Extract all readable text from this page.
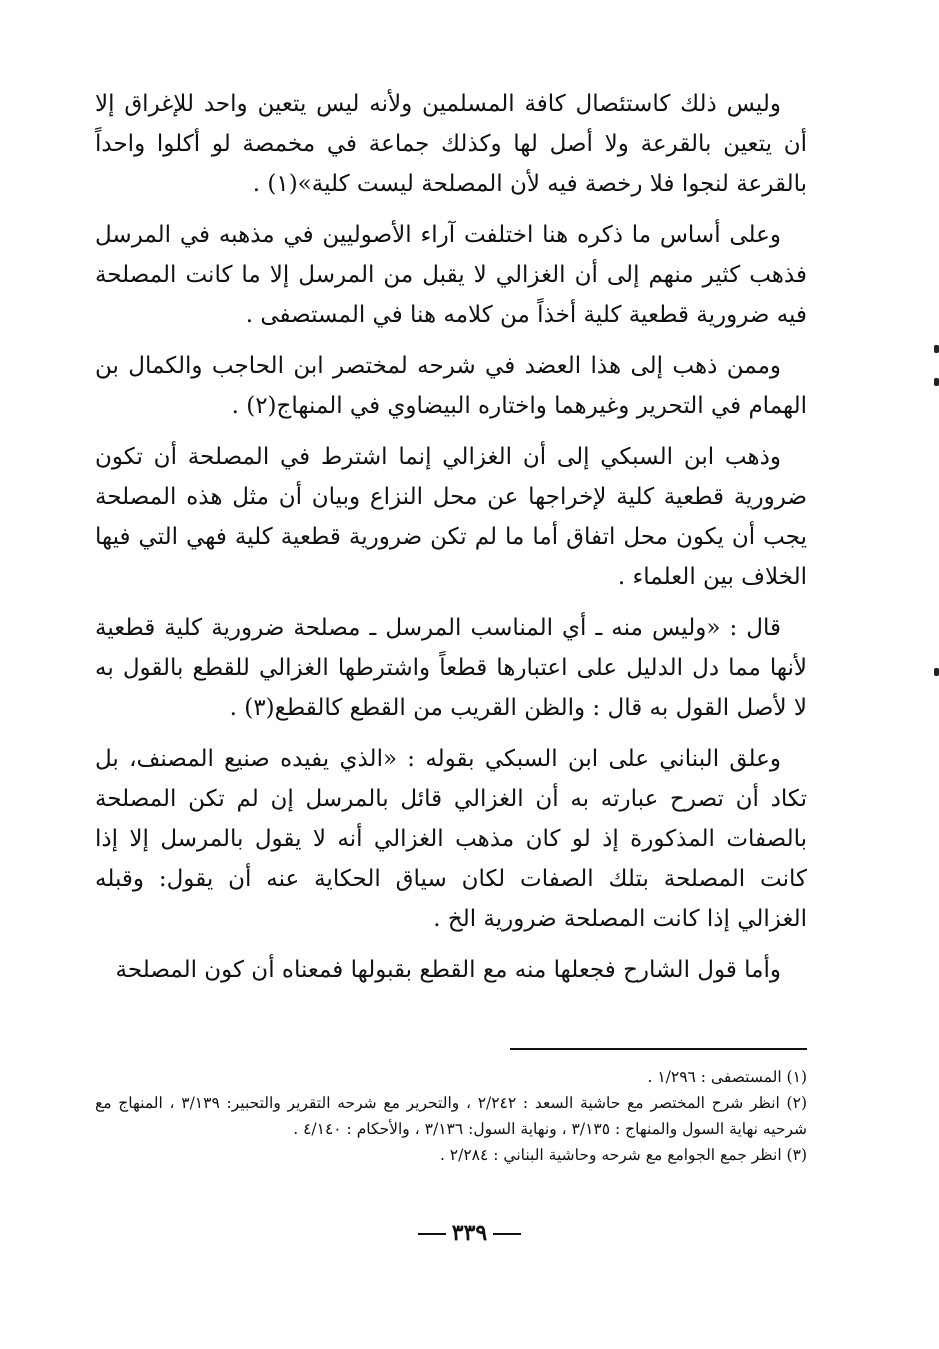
وليس ذلك كاستئصال كافة المسلمين ولأنه ليس يتعين واحد للإغراق إلا أن يتعين بالقرعة ولا أصل لها وكذلك جماعة في مخمصة لو أكلوا واحداً بالقرعة لنجوا فلا رخصة فيه لأن المصلحة ليست كلية»(١) .

وعلى أساس ما ذكره هنا اختلفت آراء الأصوليين في مذهبه في المرسل فذهب كثير منهم إلى أن الغزالي لا يقبل من المرسل إلا ما كانت المصلحة فيه ضرورية قطعية كلية أخذاً من كلامه هنا في المستصفى .

وممن ذهب إلى هذا العضد في شرحه لمختصر ابن الحاجب والكمال بن الهمام في التحرير وغيرهما واختاره البيضاوي في المنهاج(٢) .

وذهب ابن السبكي إلى أن الغزالي إنما اشترط في المصلحة أن تكون ضرورية قطعية كلية لإخراجها عن محل النزاع وبيان أن مثل هذه المصلحة يجب أن يكون محل اتفاق أما ما لم تكن ضرورية قطعية كلية فهي التي فيها الخلاف بين العلماء .

قال : «وليس منه ـ أي المناسب المرسل ـ مصلحة ضرورية كلية قطعية لأنها مما دل الدليل على اعتبارها قطعاً واشترطها الغزالي للقطع بالقول به لا لأصل القول به قال : والظن القريب من القطع كالقطع(٣) .

وعلق البناني على ابن السبكي بقوله : «الذي يفيده صنيع المصنف، بل تكاد أن تصرح عبارته به أن الغزالي قائل بالمرسل إن لم تكن المصلحة بالصفات المذكورة إذ لو كان مذهب الغزالي أنه لا يقول بالمرسل إلا إذا كانت المصلحة بتلك الصفات لكان سياق الحكاية عنه أن يقول: وقبله الغزالي إذا كانت المصلحة ضرورية الخ .

وأما قول الشارح فجعلها منه مع القطع بقبولها فمعناه أن كون المصلحة

(١) المستصفى : ١/٢٩٦ .

(٢) انظر شرح المختصر مع حاشية السعد : ٢/٢٤٢ ، والتحرير مع شرحه التقرير والتحبير: ٣/١٣٩ ، المنهاج مع شرحيه نهاية السول والمنهاج : ٣/١٣٥ ، ونهاية السول: ٣/١٣٦ ، والأحكام : ٤/١٤٠ .

(٣) انظر جمع الجوامع مع شرحه وحاشية البناني : ٢/٢٨٤ .

٣٣٩
